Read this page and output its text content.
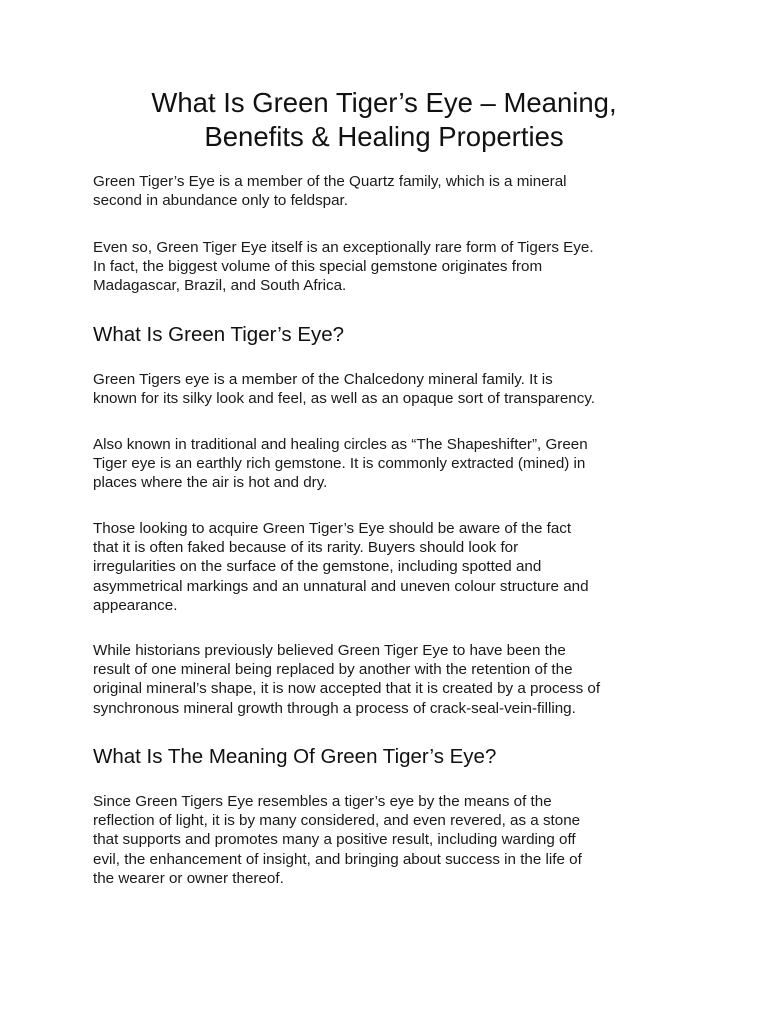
What Is Green Tiger’s Eye – Meaning,
Benefits & Healing Properties

Green Tiger’s Eye is a member of the Quartz family, which is a mineral
second in abundance only to feldspar.

Even so, Green Tiger Eye itself is an exceptionally rare form of Tigers Eye.
In fact, the biggest volume of this special gemstone originates from
Madagascar, Brazil, and South Africa.

What Is Green Tiger’s Eye?

Green Tigers eye is a member of the Chalcedony mineral family. It is
known for its silky look and feel, as well as an opaque sort of transparency.

Also known in traditional and healing circles as “The Shapeshifter”, Green
Tiger eye is an earthly rich gemstone. It is commonly extracted (mined) in
places where the air is hot and dry.

Those looking to acquire Green Tiger’s Eye should be aware of the fact
that it is often faked because of its rarity. Buyers should look for
irregularities on the surface of the gemstone, including spotted and
asymmetrical markings and an unnatural and uneven colour structure and
appearance.

While historians previously believed Green Tiger Eye to have been the
result of one mineral being replaced by another with the retention of the
original mineral’s shape, it is now accepted that it is created by a process of
synchronous mineral growth through a process of crack-seal-vein-filling.

What Is The Meaning Of Green Tiger’s Eye?

Since Green Tigers Eye resembles a tiger’s eye by the means of the
reflection of light, it is by many considered, and even revered, as a stone
that supports and promotes many a positive result, including warding off
evil, the enhancement of insight, and bringing about success in the life of
the wearer or owner thereof.
